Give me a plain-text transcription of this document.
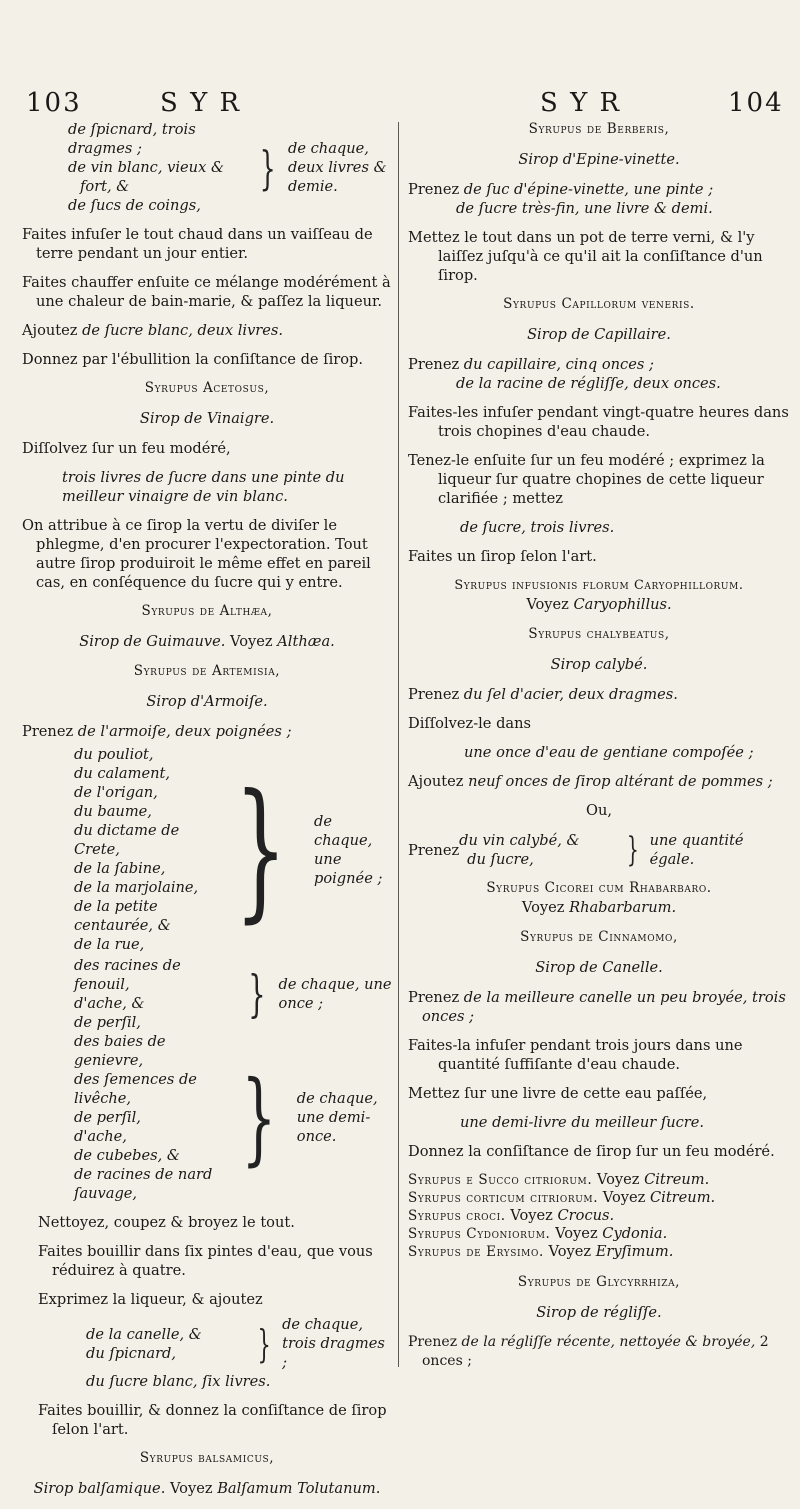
103	S Y R	S Y R	104
de ſpicnard, trois dragmes ;
de vin blanc, vieux &
fort, &
de ſucs de coings,
} de chaque, deux livres & demie.

Faites infuſer le tout chaud dans un vaiſſeau de terre pendant un jour entier.

Faites chauffer enſuite ce mélange modérément à une chaleur de bain-marie, & paſſez la liqueur.

Ajoutez de ſucre blanc, deux livres.

Donnez par l'ébullition la conſiſtance de ſirop.

Syrupus Acetosus,
Sirop de Vinaigre.

Diſſolvez ſur un feu modéré,

trois livres de ſucre dans une pinte du meilleur vinaigre de vin blanc.

On attribue à ce ſirop la vertu de diviſer le phlegme, d'en procurer l'expectoration. Tout autre ſirop produiroit le même effet en pareil cas, en conſéquence du ſucre qui y entre.

Syrupus de Althæa,
Sirop de Guimauve. Voyez Althæa.
Syrupus de Artemisia,
Sirop d'Armoiſe.

Prenez de l'armoiſe, deux poignées ;

du pouliot,
du calament,
de l'origan,
du baume,
du dictame de Crete,
de la ſabine,
de la marjolaine,
de la petite centaurée, &
de la rue,
} de chaque, une poignée ;
des racines de fenouil,
d'ache, &
de perſil,	} de chaque, une once ;
des baies de genievre,
des ſemences de livêche,
de perſil,
d'ache,
de cubebes, &
de racines de nard ſauvage,
} de chaque, une demi-once.

Nettoyez, coupez & broyez le tout.

Faites bouillir dans ſix pintes d'eau, que vous réduirez à quatre.

Exprimez la liqueur, & ajoutez

de la canelle, &
du ſpicnard,	} de chaque, trois dragmes ;
du ſucre blanc, ſix livres.

Faites bouillir, & donnez la conſiſtance de ſirop ſelon l'art.

Syrupus balsamicus,
Sirop balſamique. Voyez Balſamum Tolutanum.
Syrupus de Berberis,
Sirop d'Epine-vinette.

Prenez de ſuc d'épine-vinette, une pinte ;

de ſucre très-fin, une livre & demi.

Mettez le tout dans un pot de terre verni, & l'y laiſſez juſqu'à ce qu'il ait la conſiſtance d'un ſirop.

Syrupus Capillorum veneris.
Sirop de Capillaire.

Prenez du capillaire, cinq onces ;

de la racine de régliſſe, deux onces.

Faites-les infuſer pendant vingt-quatre heures dans trois chopines d'eau chaude.

Tenez-le enſuite ſur un feu modéré ; exprimez la liqueur ſur quatre chopines de cette liqueur clarifiée ; mettez

de ſucre, trois livres.

Faites un ſirop ſelon l'art.

Syrupus infusionis florum Caryophillorum.
Voyez Caryophillus.
Syrupus chalybeatus,
Sirop calybé.

Prenez du ſel d'acier, deux dragmes.

Diſſolvez-le dans

une once d'eau de gentiane compoſée ;

Ajoutez neuf onces de ſirop altérant de pommes ;

Ou,
Prenez
du vin calybé, &
du ſucre,	} une quantité égale.
Syrupus Cicorei cum Rhabarbaro.
Voyez Rhabarbarum.
Syrupus de Cinnamomo,
Sirop de Canelle.

Prenez de la meilleure canelle un peu broyée, trois onces ;

Faites-la infuſer pendant trois jours dans une quantité ſuffiſante d'eau chaude.

Mettez ſur une livre de cette eau paſſée,

une demi-livre du meilleur ſucre.

Donnez la conſiſtance de ſirop ſur un feu modéré.

Syrupus e Succo citriorum. Voyez Citreum.
Syrupus corticum citriorum. Voyez Citreum.
Syrupus croci. Voyez Crocus.
Syrupus Cydoniorum. Voyez Cydonia.
Syrupus de Erysimo. Voyez Eryſimum.
Syrupus de Glycyrrhiza,
Sirop de régliſſe.

Prenez de la régliſſe récente, nettoyée & broyée, 2 onces ;
